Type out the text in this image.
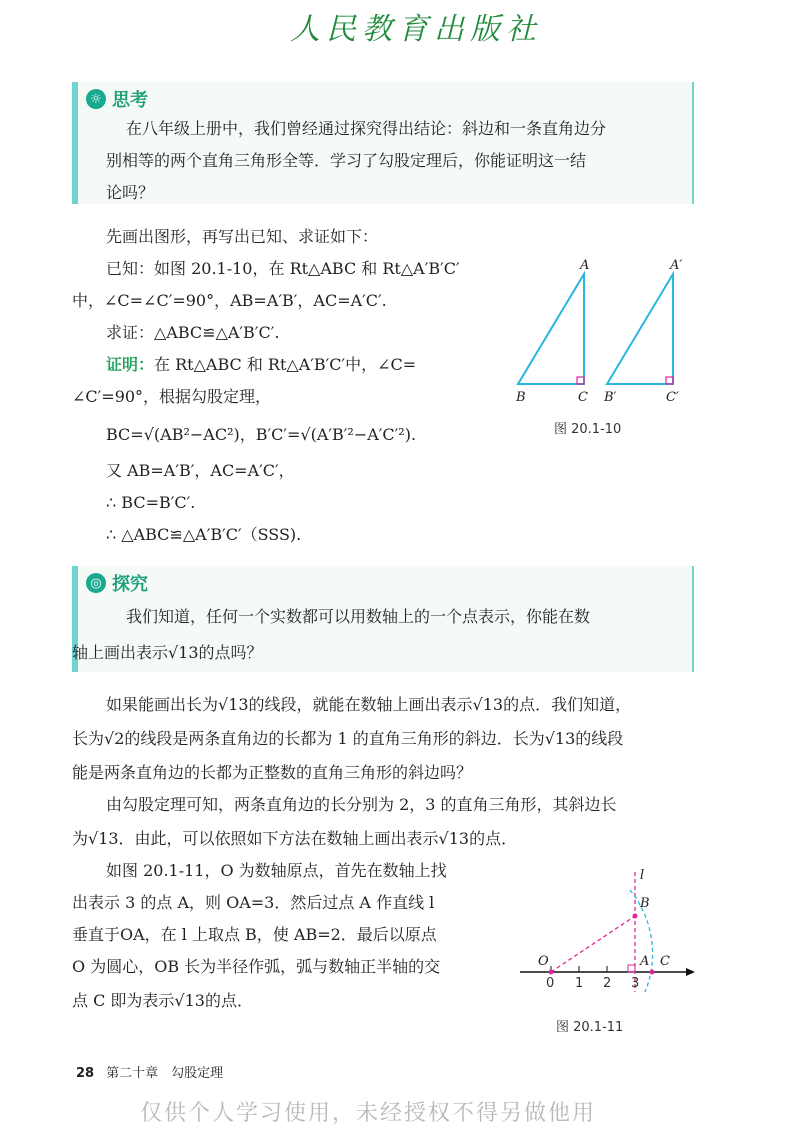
人民教育出版社
☼ 思考
在八年级上册中，我们曾经通过探究得出结论：斜边和一条直角边分
别相等的两个直角三角形全等．学习了勾股定理后，你能证明这一结
论吗？
先画出图形，再写出已知、求证如下：
已知：如图 20.1-10，在 Rt△ABC 和 Rt△A′B′C′
中，∠C=∠C′=90°，AB=A′B′，AC=A′C′.
求证：△ABC≌△A′B′C′.
证明：在 Rt△ABC 和 Rt△A′B′C′中，∠C=
∠C′=90°，根据勾股定理，
BC=√(AB²−AC²)，B′C′=√(A′B′²−A′C′²).
又 AB=A′B′，AC=A′C′，
∴ BC=B′C′.
∴ △ABC≌△A′B′C′（SSS).
A
B	C
A′
B′	C′
图 20.1-10
◎ 探究
我们知道，任何一个实数都可以用数轴上的一个点表示，你能在数
轴上画出表示√13的点吗？
如果能画出长为√13的线段，就能在数轴上画出表示√13的点．我们知道，
长为√2的线段是两条直角边的长都为 1 的直角三角形的斜边．长为√13的线段
能是两条直角边的长都为正整数的直角三角形的斜边吗？
由勾股定理可知，两条直角边的长分别为 2，3 的直角三角形，其斜边长
为√13．由此，可以依照如下方法在数轴上画出表示√13的点．
如图 20.1-11，O 为数轴原点，首先在数轴上找
出表示 3 的点 A，则 OA=3．然后过点 A 作直线 l
垂直于OA，在 l 上取点 B，使 AB=2．最后以原点
O 为圆心，OB 长为半径作弧，弧与数轴正半轴的交
点 C 即为表示√13的点．
l
B
O	A C
0 1 2 3
图 20.1-11
28 第二十章　勾股定理
仅供个人学习使用，未经授权不得另做他用
